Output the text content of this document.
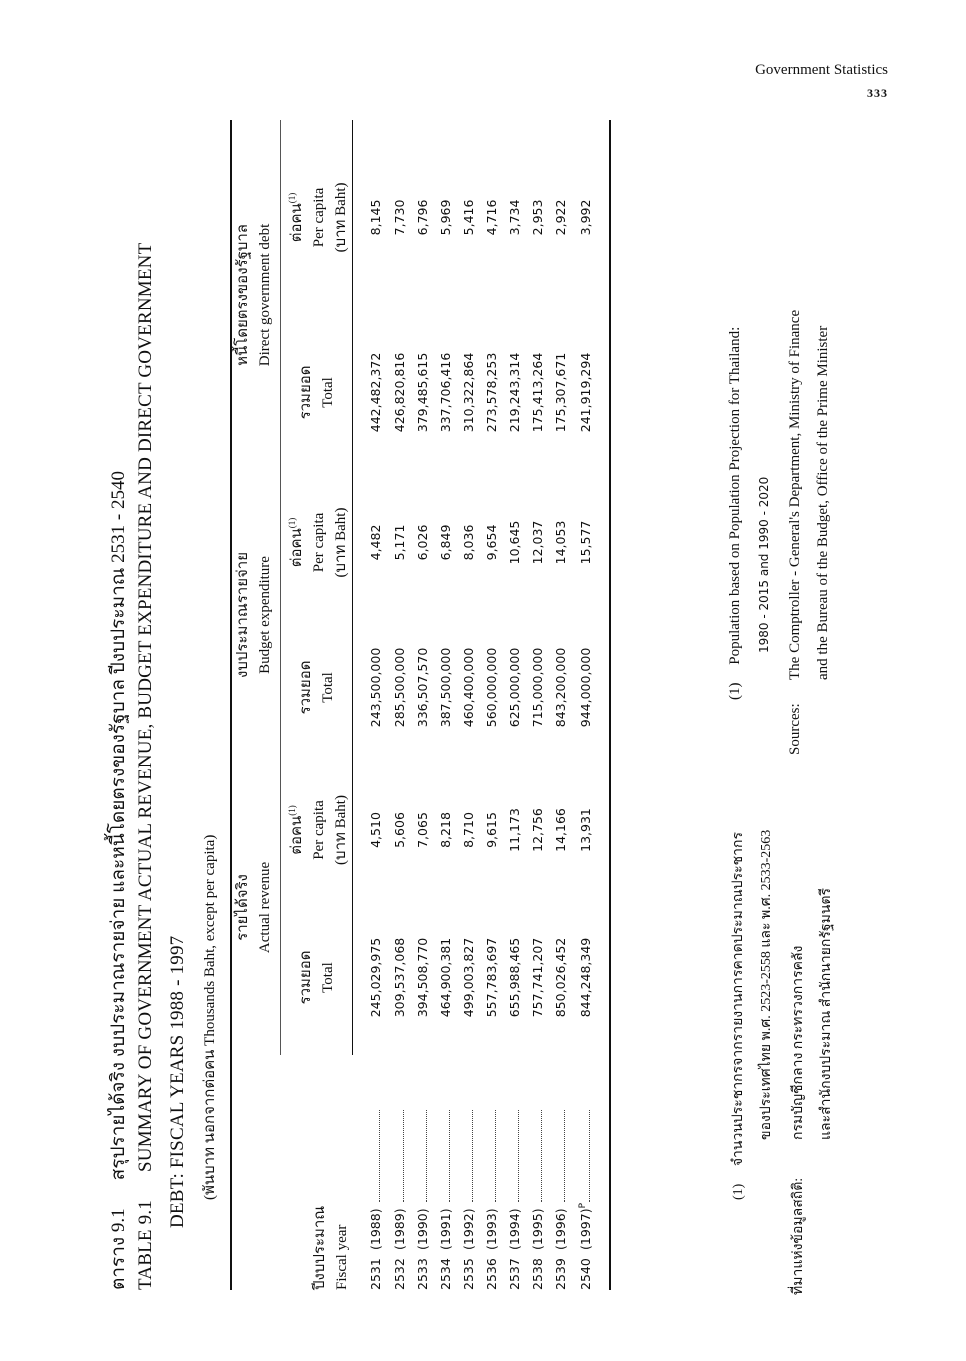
Government Statistics
333
ตาราง 9.1สรุปรายได้จริง งบประมาณรายจ่าย และหนี้โดยตรงของรัฐบาล ปีงบประมาณ 2531 - 2540
TABLE 9.1SUMMARY OF GOVERNMENT ACTUAL REVENUE, BUDGET EXPENDITURE AND DIRECT GOVERNMENT DEBT: FISCAL YEARS 1988 - 1997 (พันบาท นอกจากต่อคน Thousands Baht, except per capita)
ปีงบประมาณ Fiscal year	รายได้จริง Actual revenue		งบประมาณรายจ่าย Budget expenditure		หนี้โดยตรงของรัฐบาล Direct government debt	

	รวมยอด Total	ต่อคน$^{(1)}$ Per capita (บาท Baht)	รวมยอด Total	ต่อคน$^{(1)}$ Per capita (บาท Baht)	รวมยอด Total	ต่อคน$^{(1)}$ Per capita (บาท Baht)

2531(1988)	245,029,975	4,510	243,500,000	4,482	442,482,372	8,145
2532(1989)	309,537,068	5,606	285,500,000	5,171	426,820,816	7,730
2533(1990)	394,508,770	7,065	336,507,570	6,026	379,485,615	6,796
2534(1991)	464,900,381	8,218	387,500,000	6,849	337,706,416	5,969
2535(1992)	499,003,827	8,710	460,400,000	8,036	310,322,864	5,416
2536(1993)	557,783,697	9,615	560,000,000	9,654	273,578,253	4,716
2537(1994)	655,988,465	11,173	625,000,000	10,645	219,243,314	3,734
2538(1995)	757,741,207	12,756	715,000,000	12,037	175,413,264	2,953
2539(1996)	850,026,452	14,166	843,200,000	14,053	175,307,671	2,922
$2540(1997)^P$	844,248,349	13,931	944,000,000	15,577	241,919,294	3,992
(1) จำนวนประชากรจากรายงานการคาดประมาณประชากร ของประเทศไทย พ.ศ. 2523-2558 และ พ.ศ. 2533-2563
ที่มาแห่งข้อมูลสถิติ:
กรมบัญชีกลาง กระทรวงการคลัง และสำนักงบประมาณ สำนักนายกรัฐมนตรี
(1) Population based on Population Projection for Thailand: 1980 - 2015 and 1990 - 2020
Sources:
The Comptroller - General's Department, Ministry of Finance and the Bureau of the Budget, Office of the Prime Minister
